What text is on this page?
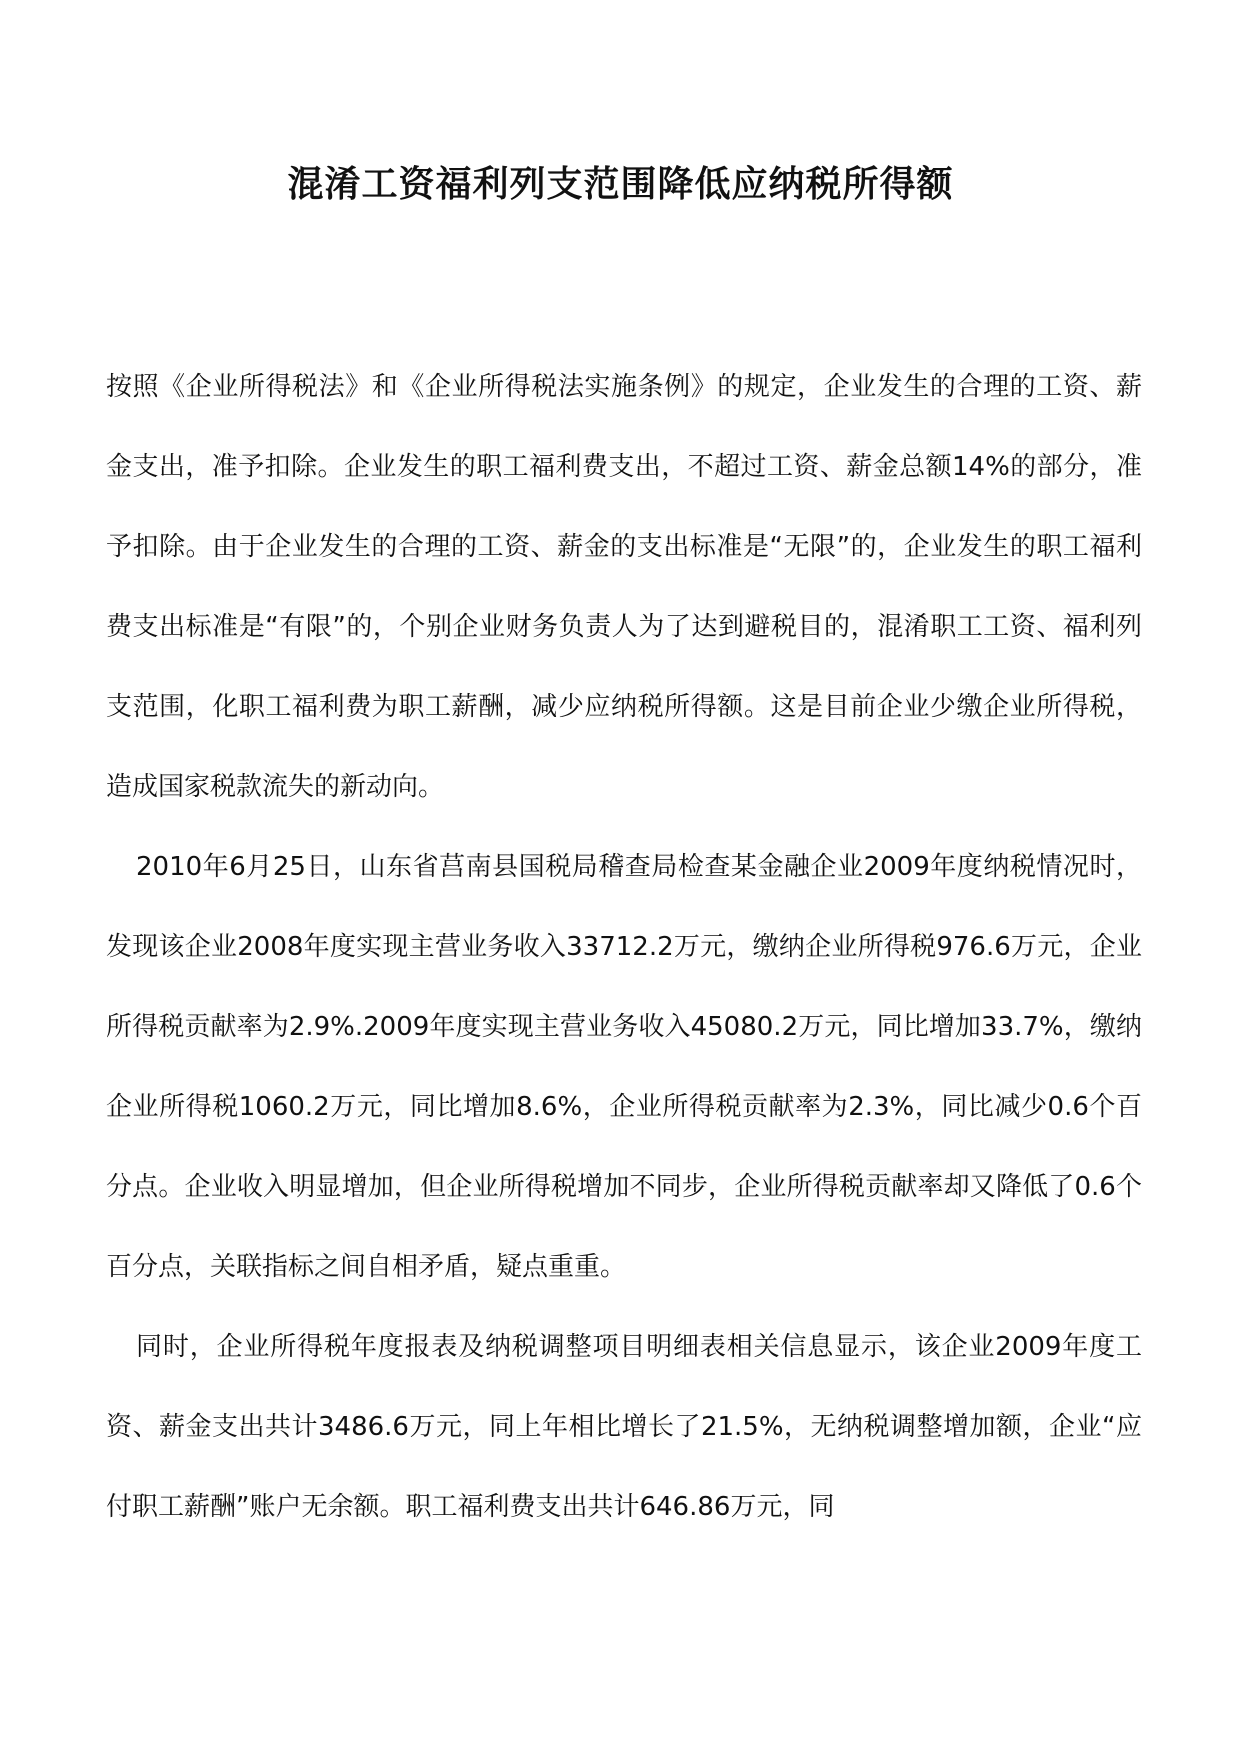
混淆工资福利列支范围降低应纳税所得额

按照《企业所得税法》和《企业所得税法实施条例》的规定，企业发生的合理的工资、薪金支出，准予扣除。企业发生的职工福利费支出，不超过工资、薪金总额14%的部分，准予扣除。由于企业发生的合理的工资、薪金的支出标准是“无限”的，企业发生的职工福利费支出标准是“有限”的，个别企业财务负责人为了达到避税目的，混淆职工工资、福利列支范围，化职工福利费为职工薪酬，减少应纳税所得额。这是目前企业少缴企业所得税，造成国家税款流失的新动向。

2010年6月25日，山东省莒南县国税局稽查局检查某金融企业2009年度纳税情况时，发现该企业2008年度实现主营业务收入33712.2万元，缴纳企业所得税976.6万元，企业所得税贡献率为2.9%.2009年度实现主营业务收入45080.2万元，同比增加33.7%，缴纳企业所得税1060.2万元，同比增加8.6%，企业所得税贡献率为2.3%，同比减少0.6个百分点。企业收入明显增加，但企业所得税增加不同步，企业所得税贡献率却又降低了0.6个百分点，关联指标之间自相矛盾，疑点重重。

同时，企业所得税年度报表及纳税调整项目明细表相关信息显示，该企业2009年度工资、薪金支出共计3486.6万元，同上年相比增长了21.5%，无纳税调整增加额，企业“应付职工薪酬”账户无余额。职工福利费支出共计646.86万元，同
